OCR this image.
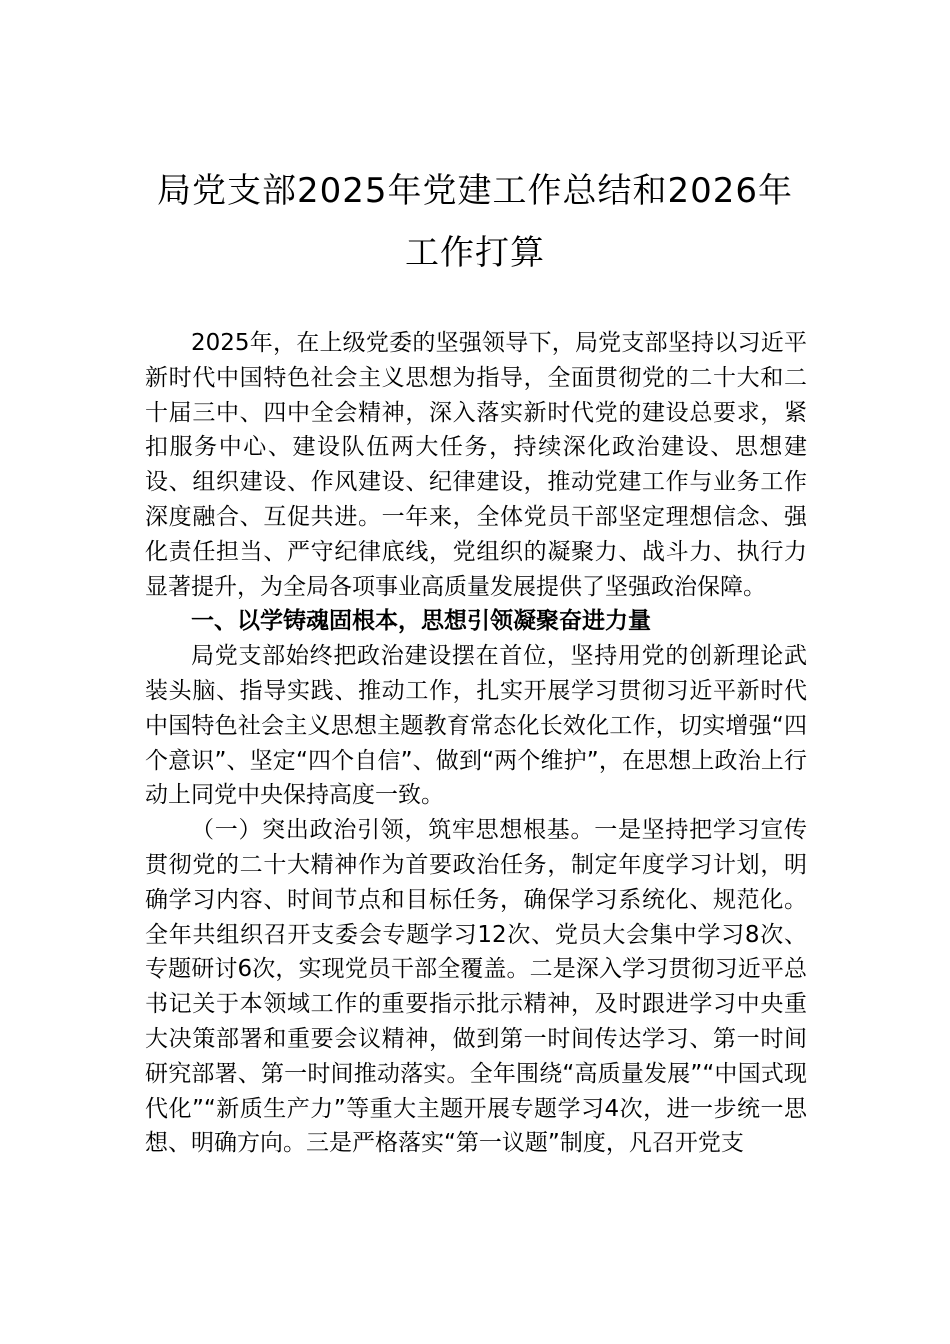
局党支部2025年党建工作总结和2026年工作打算

2025年，在上级党委的坚强领导下，局党支部坚持以习近平新时代中国特色社会主义思想为指导，全面贯彻党的二十大和二十届三中、四中全会精神，深入落实新时代党的建设总要求，紧扣服务中心、建设队伍两大任务，持续深化政治建设、思想建设、组织建设、作风建设、纪律建设，推动党建工作与业务工作深度融合、互促共进。一年来，全体党员干部坚定理想信念、强化责任担当、严守纪律底线，党组织的凝聚力、战斗力、执行力显著提升，为全局各项事业高质量发展提供了坚强政治保障。

一、以学铸魂固根本，思想引领凝聚奋进力量

局党支部始终把政治建设摆在首位，坚持用党的创新理论武装头脑、指导实践、推动工作，扎实开展学习贯彻习近平新时代中国特色社会主义思想主题教育常态化长效化工作，切实增强“四个意识”、坚定“四个自信”、做到“两个维护”，在思想上政治上行动上同党中央保持高度一致。

（一）突出政治引领，筑牢思想根基。一是坚持把学习宣传贯彻党的二十大精神作为首要政治任务，制定年度学习计划，明确学习内容、时间节点和目标任务，确保学习系统化、规范化。全年共组织召开支委会专题学习12次、党员大会集中学习8次、专题研讨6次，实现党员干部全覆盖。二是深入学习贯彻习近平总书记关于本领域工作的重要指示批示精神，及时跟进学习中央重大决策部署和重要会议精神，做到第一时间传达学习、第一时间研究部署、第一时间推动落实。全年围绕“高质量发展”“中国式现代化”“新质生产力”等重大主题开展专题学习4次，进一步统一思想、明确方向。三是严格落实“第一议题”制度，凡召开党支
